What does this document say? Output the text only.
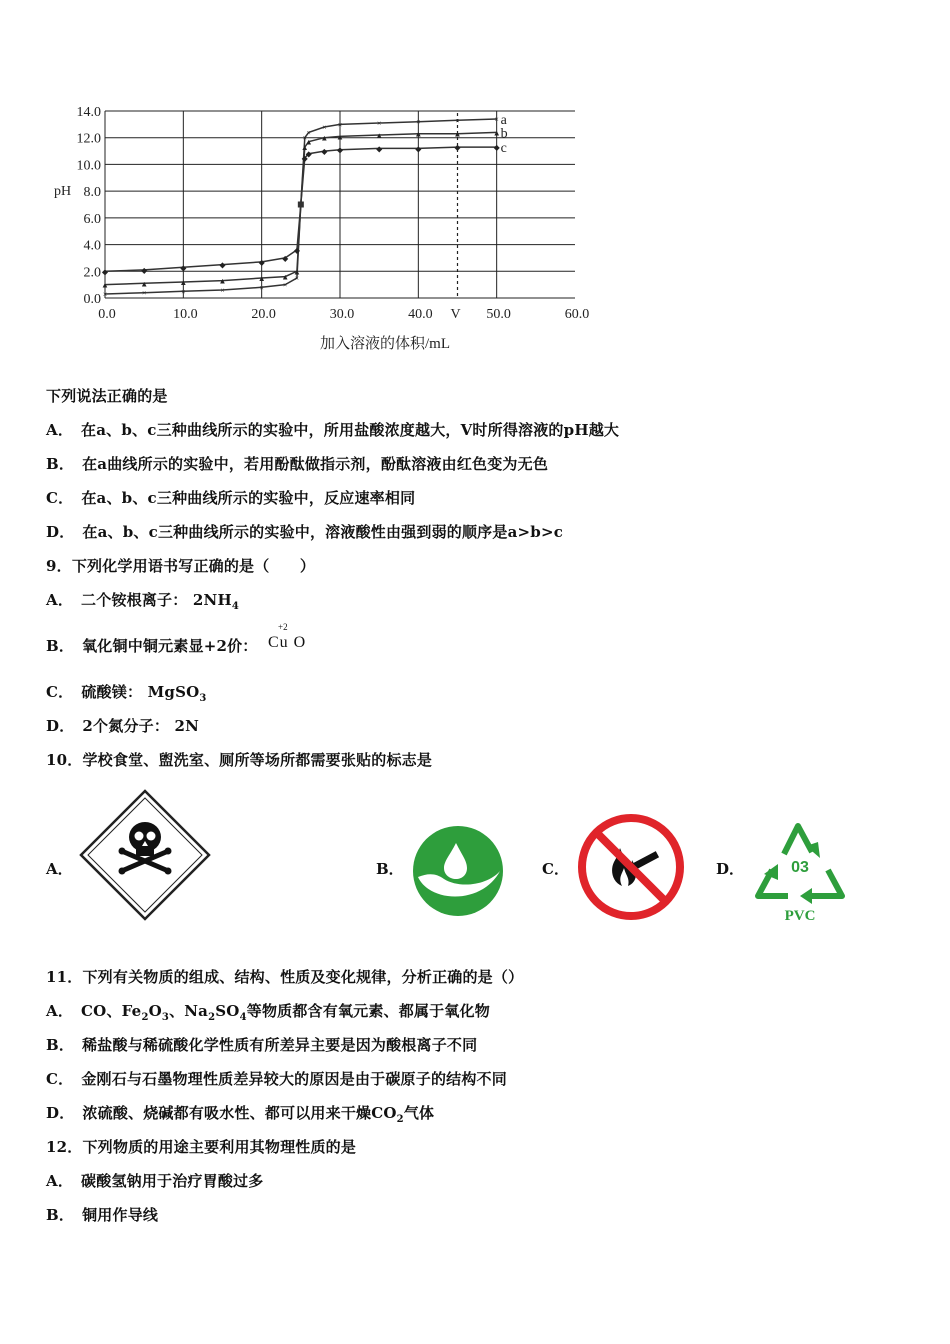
0.0
2.0
4.0
6.0
8.0
10.0
12.0
14.0
0.0	10.0	20.0	30.0	40.0	50.0	60.0
V
×	×	×	×	× ×
×
×
×
× ×	×	×	×	× a
▲	▲	▲	▲	▲ ▲
▲
▲
▲ ▲ ▲	▲	▲	▲	▲ b
◆	◆	◆	◆	◆ ◆
◆
◆
◆ ◆ ◆	◆	◆	◆	◆ c
pH
加入溶液的体积/mL
下列说法正确的是
A． 在a、b、c三种曲线所示的实验中，所用盐酸浓度越大，V时所得溶液的pH越大
B． 在a曲线所示的实验中，若用酚酞做指示剂，酚酞溶液由红色变为无色
C． 在a、b、c三种曲线所示的实验中，反应速率相同
D． 在a、b、c三种曲线所示的实验中，溶液酸性由强到弱的顺序是a>b>c
9．下列化学用语书写正确的是（　　）
A． 二个铵根离子： $2NH_4$
B． 氧化铜中铜元素显+2价：
+2
Cu O
C． 硫酸镁： MgSO$_3$
D． 2个氮分子： 2N
10．学校食堂、盥洗室、厕所等场所都需要张贴的标志是
A．	B．	C．	D．	03
PVC
11．下列有关物质的组成、结构、性质及变化规律，分析正确的是（）
A． CO、$Fe_2O_3$、$Na_2SO_4$等物质都含有氧元素、都属于氧化物
B． 稀盐酸与稀硫酸化学性质有所差异主要是因为酸根离子不同
C． 金刚石与石墨物理性质差异较大的原因是由于碳原子的结构不同
D． 浓硫酸、烧碱都有吸水性、都可以用来干燥$CO_2$气体
12．下列物质的用途主要利用其物理性质的是
A． 碳酸氢钠用于治疗胃酸过多
B． 铜用作导线
